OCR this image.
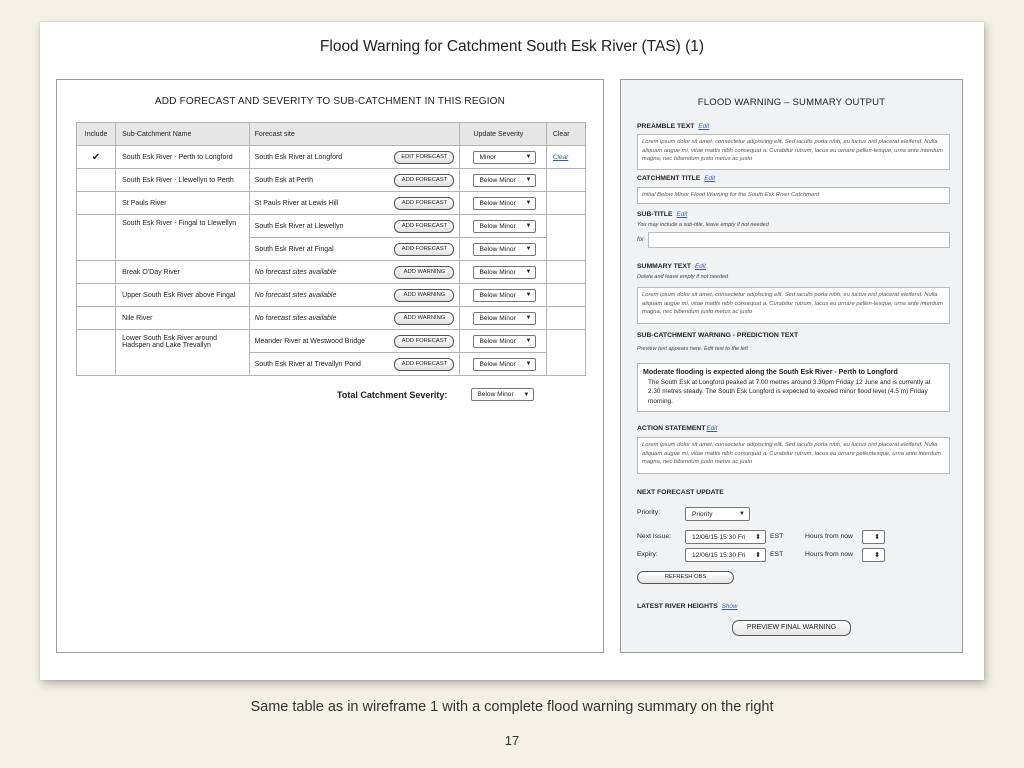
Flood Warning for Catchment South Esk River (TAS) (1)
ADD FORECAST AND SEVERITY TO SUB-CATCHMENT IN THIS REGION
Include	Sub-Catchment Name	Forecast site	Update Severity	Clear
✔	South Esk River - Perth to Longford	South Esk River at Longford EDIT FORECAST	Minor ▼	Clear
	South Esk River - Llewellyn to Perth	South Esk at Perth ADD FORECAST	Below Minor ▼	

	St Pauls River	St Pauls River at Lewis Hill ADD FORECAST	Below Minor ▼	

	South Esk River - Fingal to Llewellyn	South Esk River at Llewellyn ADD FORECAST	Below Minor ▼	

		South Esk River at Fingal ADD FORECAST	Below Minor ▼	

	Break O'Day River	No forecast sites available ADD WARNING	Below Minor ▼	

	Upper South Esk River above Fingal	No forecast sites available ADD WARNING	Below Minor ▼	

	Nile River	No forecast sites available ADD WARNING	Below Minor ▼	

	Lower South Esk River around Hadspen and Lake Trevallyn	Meander River at Westwood Bridge ADD FORECAST	Below Minor ▼	

		South Esk River at Trevallyn Pond ADD FORECAST	Below Minor ▼	
Total Catchment Severity:	Below Minor ▼
FLOOD WARNING – SUMMARY OUTPUT
PREAMBLE TEXT Edit
Lorem ipsum dolor sit amet, consectetur adipiscing elit. Sed iaculis porta nibh, eu luctus nisl placerat eleifend. Nulla aliquam augue mi, vitae mattis nibh consequat a. Curabitur rutrum, lacus eu ornare pellen-tesque, urna ante interdum magna, nec bibendum justo metus ac justo
CATCHMENT TITLE Edit
Initial Below Minor Flood Warning for the South Esk River Catchment
SUB-TITLE Edit
You may include a sub-title, leave empty if not needed
for
SUMMARY TEXT Edit
Delete and leave empty if not needed
Lorem ipsum dolor sit amet, consectetur adipiscing elit. Sed iaculis porta nibh, eu luctus nisl placerat eleifend. Nulla aliquam augue mi, vitae mattis nibh consequat a. Curabitur rutrum, lacus eu ornare pellen-tesque, urna ante interdum magna, nec bibendum justo metus ac justo
SUB-CATCHMENT WARNING - PREDICTION TEXT
Preview text appears here. Edit text to the left
Moderate flooding is expected along the South Esk River - Perth to Longford
The South Esk at Longford peaked at 7.00 metres around 3.30pm Friday 12 June and is currently at 2.30 metres steady. The South Esk Longford is expected to exceed minor flood level (4.5 m) Friday morning.
ACTION STATEMENTEdit
Lorem ipsum dolor sit amet, consectetur adipiscing elit. Sed iaculis porta nibh, eu luctus nisl placerat eleifend. Nulla aliquam augue mi, vitae mattis nibh consequat a. Curabitur rutrum, lacus eu ornare pellentesque, urna ante interdum magna, nec bibendum justo metus ac justo
NEXT FORECAST UPDATE
Priority:	Priority	▼
Next Issue:	12/06/15 15:30 Fri ⬍ EST	Hours from now	⬍
Expiry:	12/06/15 15:30 Fri ⬍ EST	Hours from now	⬍
REFRESH OBS
LATEST RIVER HEIGHTS Show
PREVIEW FINAL WARNING
Same table as in wireframe 1 with a complete flood warning summary on the right
17
